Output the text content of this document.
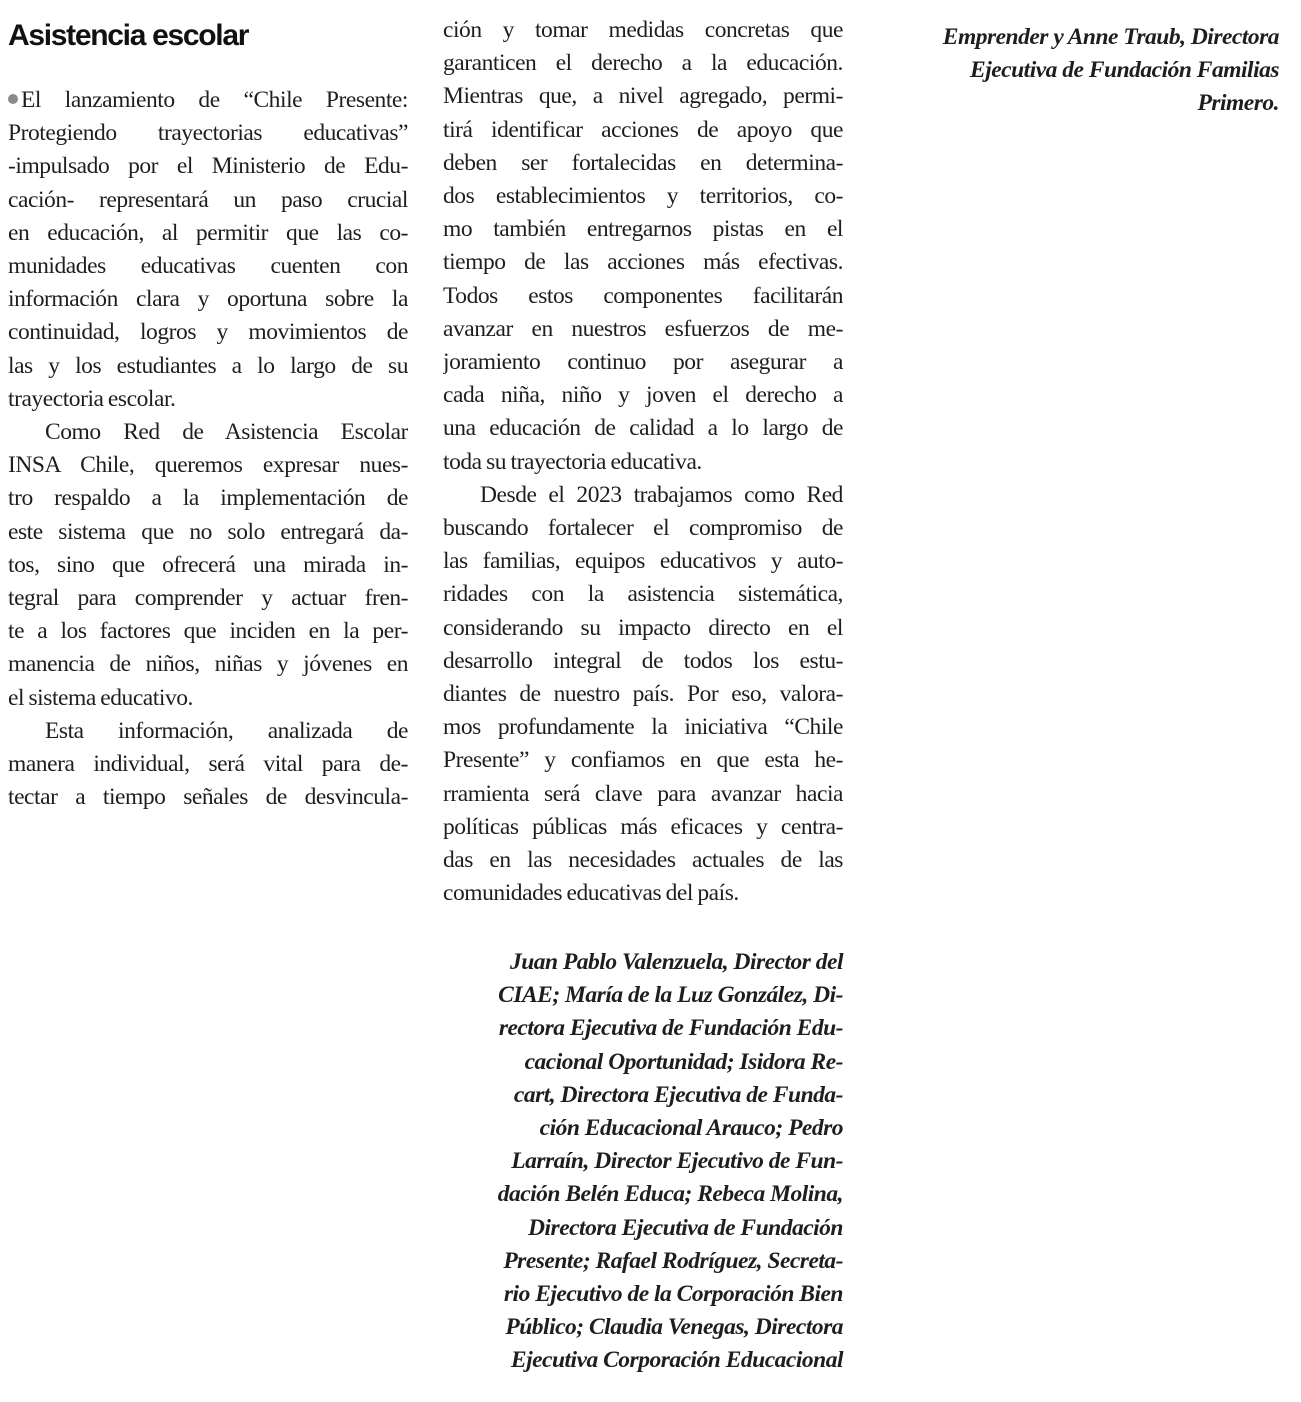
Asistencia escolar
El lanzamiento de “Chile Presente:
Protegiendo trayectorias educativas”
-impulsado por el Ministerio de Edu-
cación- representará un paso crucial
en educación, al permitir que las co-
munidades educativas cuenten con
información clara y oportuna sobre la
continuidad, logros y movimientos de
las y los estudiantes a lo largo de su
trayectoria escolar.
Como Red de Asistencia Escolar
INSA Chile, queremos expresar nues-
tro respaldo a la implementación de
este sistema que no solo entregará da-
tos, sino que ofrecerá una mirada in-
tegral para comprender y actuar fren-
te a los factores que inciden en la per-
manencia de niños, niñas y jóvenes en
el sistema educativo.
Esta información, analizada de
manera individual, será vital para de-
tectar a tiempo señales de desvincula-
ción y tomar medidas concretas que
garanticen el derecho a la educación.
Mientras que, a nivel agregado, permi-
tirá identificar acciones de apoyo que
deben ser fortalecidas en determina-
dos establecimientos y territorios, co-
mo también entregarnos pistas en el
tiempo de las acciones más efectivas.
Todos estos componentes facilitarán
avanzar en nuestros esfuerzos de me-
joramiento continuo por asegurar a
cada niña, niño y joven el derecho a
una educación de calidad a lo largo de
toda su trayectoria educativa.
Desde el 2023 trabajamos como Red
buscando fortalecer el compromiso de
las familias, equipos educativos y auto-
ridades con la asistencia sistemática,
considerando su impacto directo en el
desarrollo integral de todos los estu-
diantes de nuestro país. Por eso, valora-
mos profundamente la iniciativa “Chile
Presente” y confiamos en que esta he-
rramienta será clave para avanzar hacia
políticas públicas más eficaces y centra-
das en las necesidades actuales de las
comunidades educativas del país.
Juan Pablo Valenzuela, Director del
CIAE; María de la Luz González, Di-
rectora Ejecutiva de Fundación Edu-
cacional Oportunidad; Isidora Re-
cart, Directora Ejecutiva de Funda-
ción Educacional Arauco; Pedro
Larraín, Director Ejecutivo de Fun-
dación Belén Educa; Rebeca Molina,
Directora Ejecutiva de Fundación
Presente; Rafael Rodríguez, Secreta-
rio Ejecutivo de la Corporación Bien
Público; Claudia Venegas, Directora
Ejecutiva Corporación Educacional
Emprender y Anne Traub, Directora
Ejecutiva de Fundación Familias
Primero.
